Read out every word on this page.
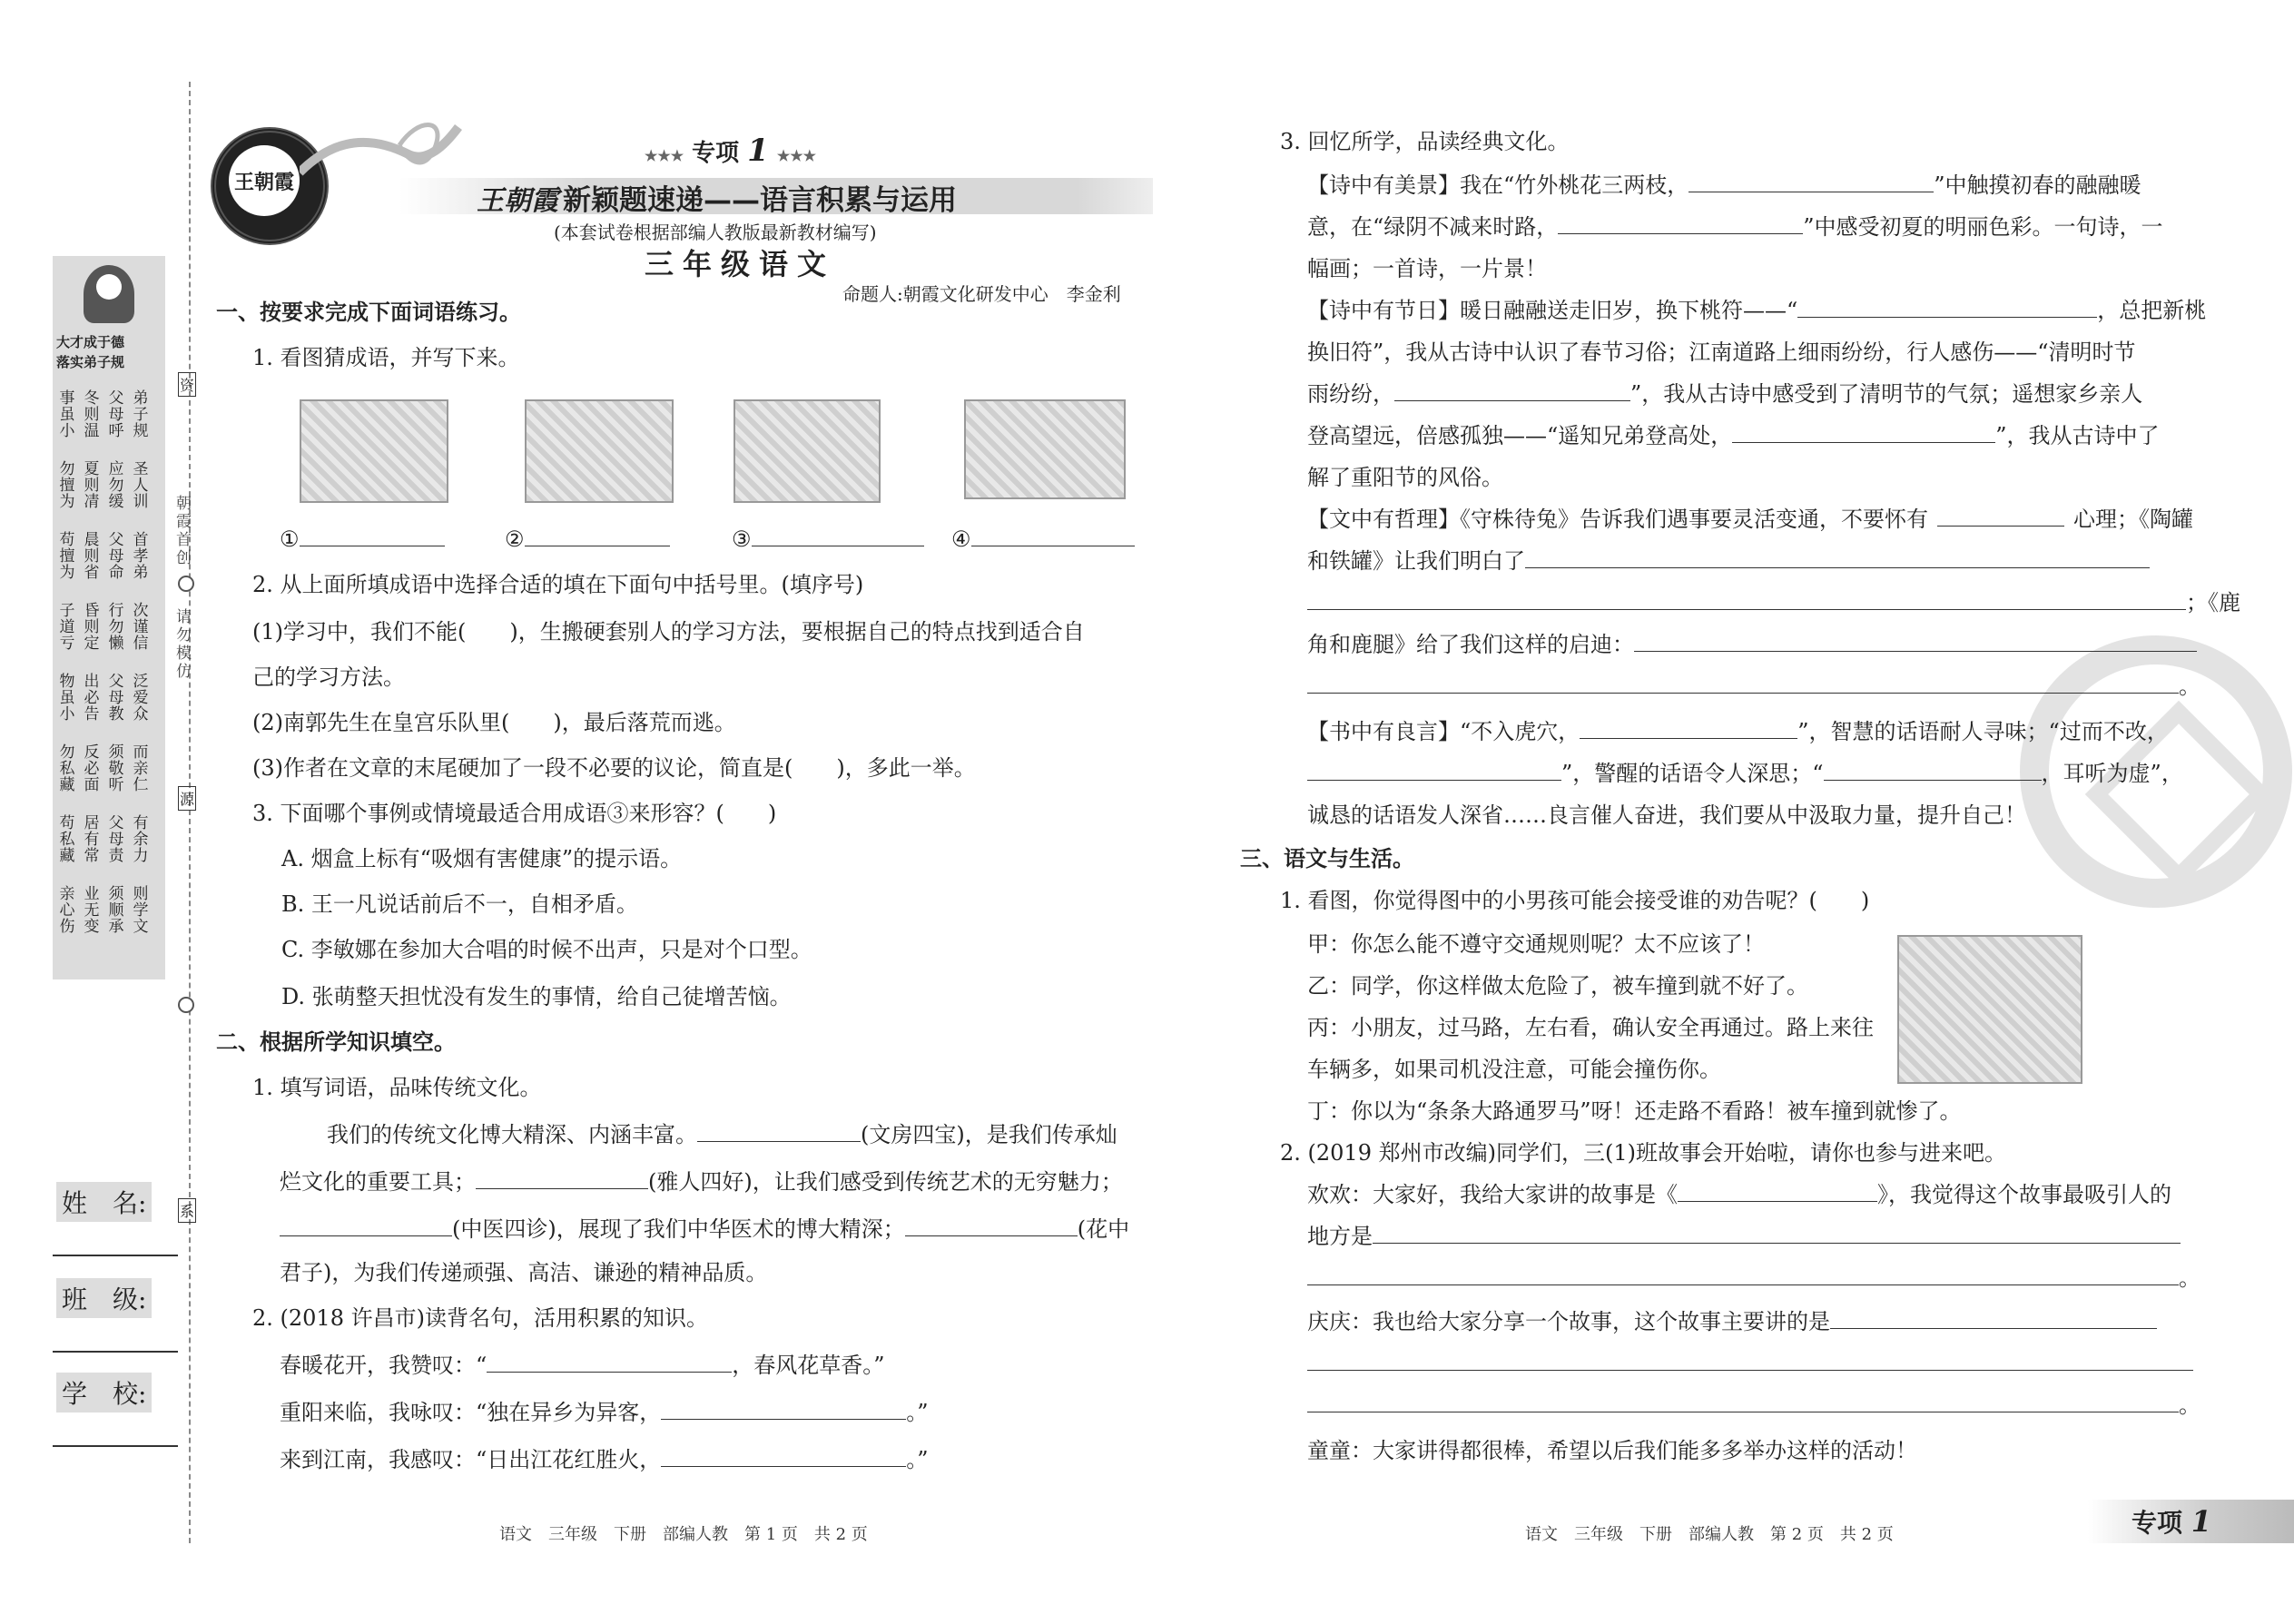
王朝霞
★★★ 专项 1 ★★★
王朝霞 新颖题速递——语言积累与运用
(本套试卷根据部编人教版最新教材编写)
三年级语文
命题人:朝霞文化研发中心　李金利
大才成于德
落实弟子规
弟
子
规
父
母
呼
冬
则
温
事
虽
小
圣
人
训
应
勿
缓
夏
则
凊
勿
擅
为
首
孝
弟
父
母
命
晨
则
省
苟
擅
为
次
谨
信
行
勿
懒
昏
则
定
子
道
亏
泛
爱
众
父
母
教
出
必
告
物
虽
小
而
亲
仁
须
敬
听
反
必
面
勿
私
藏
有
余
力
父
母
责
居
有
常
苟
私
藏
则
学
文
须
顺
承
业
无
变
亲
心
伤
朝霞首创
请勿模仿
资
源
系
姓　名:
班　级:
学　校:
一、按要求完成下面词语练习。
1. 看图猜成语，并写下来。
①	②	③	④
2. 从上面所填成语中选择合适的填在下面句中括号里。(填序号)
(1)学习中，我们不能(　　)，生搬硬套别人的学习方法，要根据自己的特点找到适合自
己的学习方法。
(2)南郭先生在皇宫乐队里(　　)，最后落荒而逃。
(3)作者在文章的末尾硬加了一段不必要的议论，简直是(　　)，多此一举。
3. 下面哪个事例或情境最适合用成语③来形容？(　　)
A. 烟盒上标有“吸烟有害健康”的提示语。
B. 王一凡说话前后不一，自相矛盾。
C. 李敏娜在参加大合唱的时候不出声，只是对个口型。
D. 张萌整天担忧没有发生的事情，给自己徒增苦恼。
二、根据所学知识填空。
1. 填写词语，品味传统文化。
我们的传统文化博大精深、内涵丰富。	(文房四宝)，是我们传承灿
烂文化的重要工具；	(雅人四好)，让我们感受到传统艺术的无穷魅力；
(中医四诊)，展现了我们中华医术的博大精深；	(花中
君子)，为我们传递顽强、高洁、谦逊的精神品质。
2. (2018 许昌市)读背名句，活用积累的知识。
春暖花开，我赞叹：“	，春风花草香。”
重阳来临，我咏叹：“独在异乡为异客，	。”
来到江南，我感叹：“日出江花红胜火，	。”
语文　三年级　下册　部编人教　第 1 页　共 2 页
3. 回忆所学，品读经典文化。
【诗中有美景】我在“竹外桃花三两枝，	”中触摸初春的融融暖
意，在“绿阴不减来时路，	”中感受初夏的明丽色彩。一句诗，一
幅画；一首诗，一片景！
【诗中有节日】暖日融融送走旧岁，换下桃符——“	，总把新桃
换旧符”，我从古诗中认识了春节习俗；江南道路上细雨纷纷，行人感伤——“清明时节
雨纷纷，	”，我从古诗中感受到了清明节的气氛；遥想家乡亲人
登高望远，倍感孤独——“遥知兄弟登高处，	”，我从古诗中了
解了重阳节的风俗。
【文中有哲理】《守株待兔》告诉我们遇事要灵活变通，不要怀有	心理；《陶罐
和铁罐》让我们明白了
；《鹿
角和鹿腿》给了我们这样的启迪：
。
【书中有良言】“不入虎穴，	”，智慧的话语耐人寻味；“过而不改，
”，警醒的话语令人深思；“	，耳听为虚”，
诚恳的话语发人深省……良言催人奋进，我们要从中汲取力量，提升自己！
三、语文与生活。
1. 看图，你觉得图中的小男孩可能会接受谁的劝告呢？(　　)
甲：你怎么能不遵守交通规则呢？太不应该了！
乙：同学，你这样做太危险了，被车撞到就不好了。
丙：小朋友，过马路，左右看，确认安全再通过。路上来往
车辆多，如果司机没注意，可能会撞伤你。
丁：你以为“条条大路通罗马”呀！还走路不看路！被车撞到就惨了。
2. (2019 郑州市改编)同学们，三(1)班故事会开始啦，请你也参与进来吧。
欢欢：大家好，我给大家讲的故事是《	》，我觉得这个故事最吸引人的
地方是
。
庆庆：我也给大家分享一个故事，这个故事主要讲的是
。
童童：大家讲得都很棒，希望以后我们能多多举办这样的活动！
语文　三年级　下册　部编人教　第 2 页　共 2 页	专项 1
